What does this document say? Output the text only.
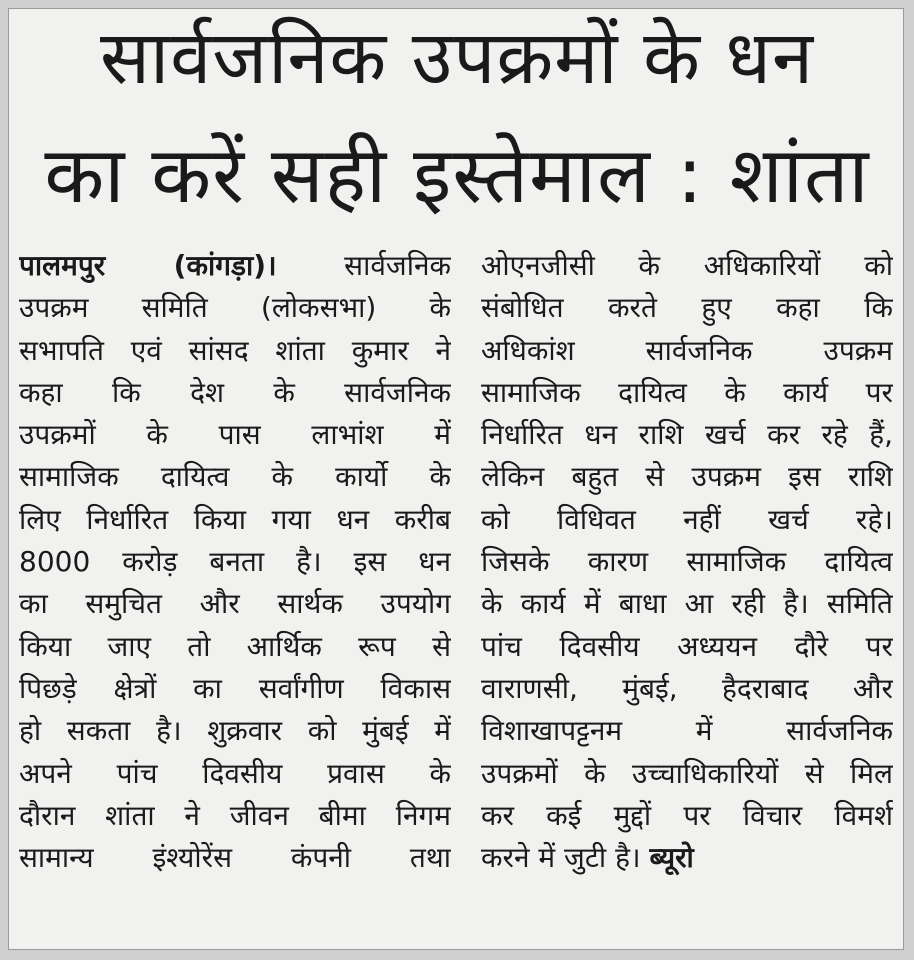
सार्वजनिक उपक्रमों के धन
का करें सही इस्तेमाल : शांता
पालमपुर (कांगड़ा)। सार्वजनिक
उपक्रम समिति (लोकसभा) के
सभापति एवं सांसद शांता कुमार ने
कहा कि देश के सार्वजनिक
उपक्रमों के पास लाभांश में
सामाजिक दायित्व के कार्यो के
लिए निर्धारित किया गया धन करीब
8000 करोड़ बनता है। इस धन
का समुचित और सार्थक उपयोग
किया जाए तो आर्थिक रूप से
पिछड़े क्षेत्रों का सर्वांगीण विकास
हो सकता है। शुक्रवार को मुंबई में
अपने पांच दिवसीय प्रवास के
दौरान शांता ने जीवन बीमा निगम
सामान्य इंश्योरेंस कंपनी तथा
ओएनजीसी के अधिकारियों को
संबोधित करते हुए कहा कि
अधिकांश सार्वजनिक उपक्रम
सामाजिक दायित्व के कार्य पर
निर्धारित धन राशि खर्च कर रहे हैं,
लेकिन बहुत से उपक्रम इस राशि
को विधिवत नहीं खर्च रहे।
जिसके कारण सामाजिक दायित्व
के कार्य में बाधा आ रही है। समिति
पांच दिवसीय अध्ययन दौरे पर
वाराणसी, मुंबई, हैदराबाद और
विशाखापट्टनम में सार्वजनिक
उपक्रमों के उच्चाधिकारियों से मिल
कर कई मुद्दों पर विचार विमर्श
करने में जुटी है। ब्यूरो
